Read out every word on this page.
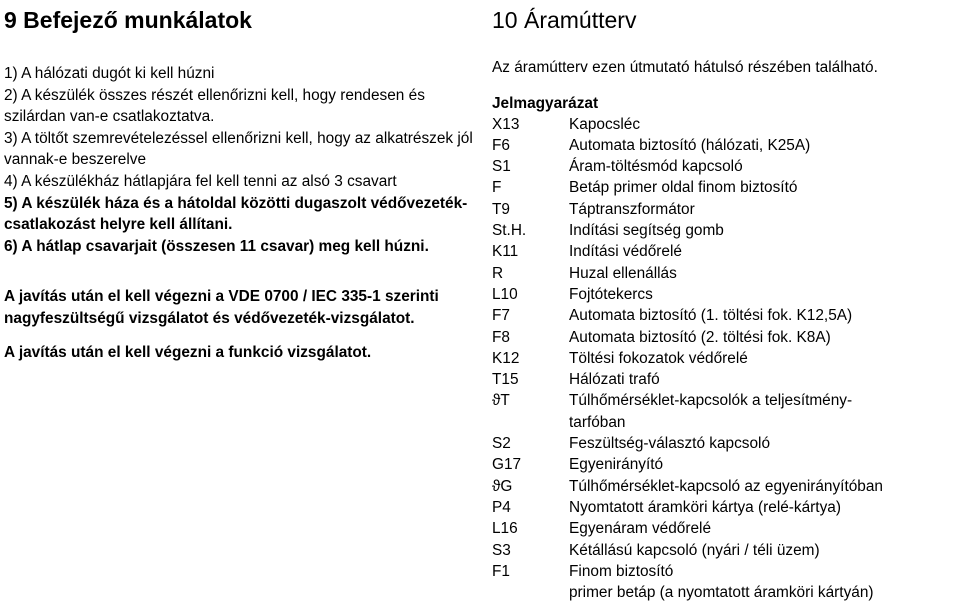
9 Befejező munkálatok
1) A hálózati dugót ki kell húzni
2) A készülék összes részét ellenőrizni kell, hogy rendesen és szilárdan van-e csatlakoztatva.
3) A töltőt szemrevételezéssel ellenőrizni kell, hogy az alkatrészek jól vannak-e beszerelve
4) A készülékház hátlapjára fel kell tenni az alsó 3 csavart
5) A készülék háza és a hátoldal közötti dugaszolt védővezeték-csatlakozást helyre kell állítani.
6) A hátlap csavarjait (összesen 11 csavar) meg kell húzni.
A javítás után el kell végezni a VDE 0700 / IEC 335-1 szerinti nagyfeszültségű vizsgálatot és védővezeték-vizsgálatot.
A javítás után el kell végezni a funkció vizsgálatot.
10 Áramútterv
Az áramútterv ezen útmutató hátulsó részében található.
Jelmagyarázat
X13	Kapocsléc
F6	Automata biztosító (hálózati, K25A)
S1	Áram-töltésmód kapcsoló
F	Betáp primer oldal finom biztosító
T9	Táptranszformátor
St.H.	Indítási segítség gomb
K11	Indítási védőrelé
R	Huzal ellenállás
L10	Fojtótekercs
F7	Automata biztosító (1. töltési fok. K12,5A)
F8	Automata biztosító (2. töltési fok. K8A)
K12	Töltési fokozatok védőrelé
T15	Hálózati trafó
ϑT	Túlhőmérséklet-kapcsolók a teljesítmény-
tarfóban
S2	Feszültség-választó kapcsoló
G17	Egyenirányító
ϑG	Túlhőmérséklet-kapcsoló az egyenirányítóban
P4	Nyomtatott áramköri kártya (relé-kártya)
L16	Egyenáram védőrelé
S3	Kétállású kapcsoló (nyári / téli üzem)
F1	Finom biztosító
primer betáp (a nyomtatott áramköri kártyán)
